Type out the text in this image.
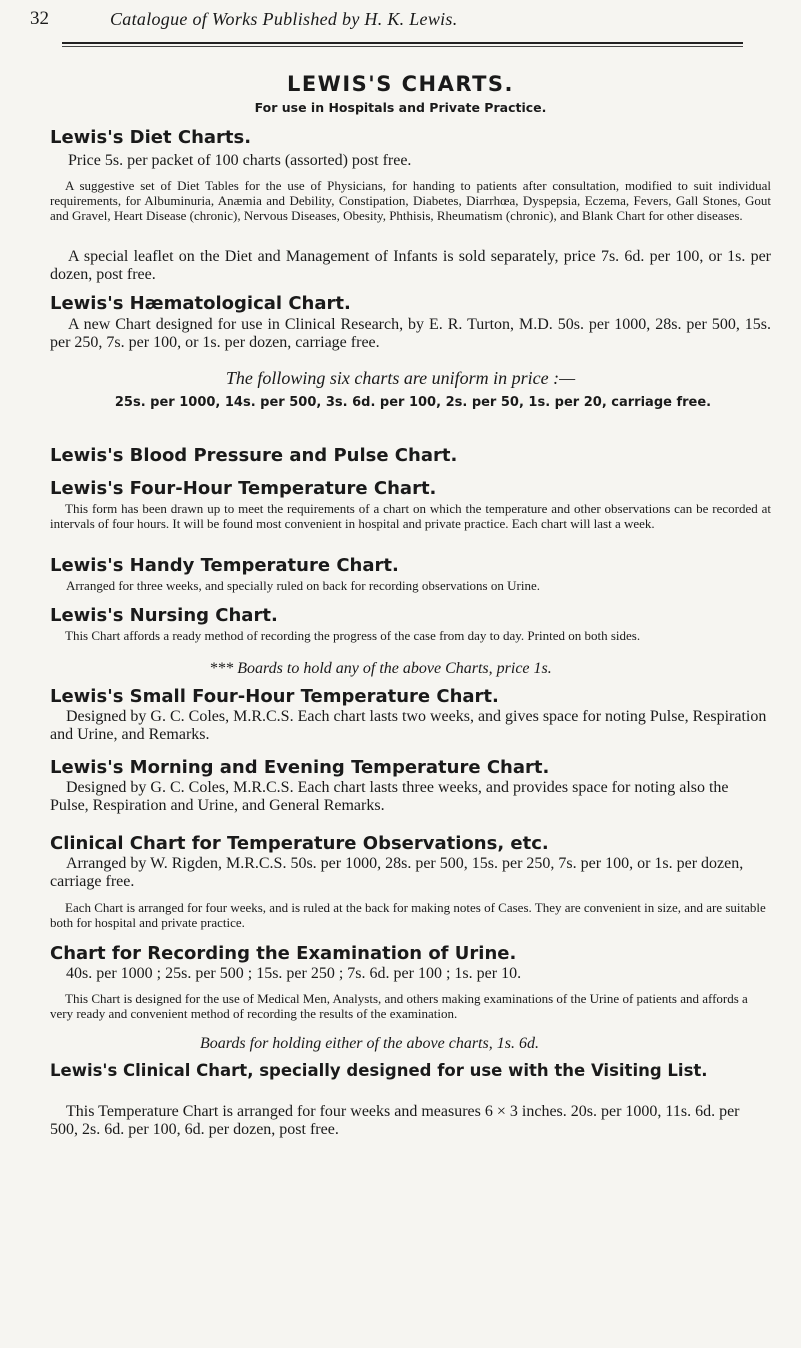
32	Catalogue of Works Published by H. K. Lewis.
LEWIS'S CHARTS.
For use in Hospitals and Private Practice.
Lewis's Diet Charts.
Price 5s. per packet of 100 charts (assorted) post free.
A suggestive set of Diet Tables for the use of Physicians, for handing to patients after consultation, modified to suit individual requirements, for Albuminuria, Anæmia and Debility, Constipation, Diabetes, Diarrhœa, Dyspepsia, Eczema, Fevers, Gall Stones, Gout and Gravel, Heart Disease (chronic), Nervous Diseases, Obesity, Phthisis, Rheumatism (chronic), and Blank Chart for other diseases.
A special leaflet on the Diet and Management of Infants is sold separately, price 7s. 6d. per 100, or 1s. per dozen, post free.
Lewis's Hæmatological Chart.
A new Chart designed for use in Clinical Research, by E. R. Turton, M.D. 50s. per 1000, 28s. per 500, 15s. per 250, 7s. per 100, or 1s. per dozen, carriage free.
The following six charts are uniform in price :—
25s. per 1000, 14s. per 500, 3s. 6d. per 100, 2s. per 50, 1s. per 20, carriage free.
Lewis's Blood Pressure and Pulse Chart.
Lewis's Four-Hour Temperature Chart.
This form has been drawn up to meet the requirements of a chart on which the temperature and other observations can be recorded at intervals of four hours. It will be found most convenient in hospital and private practice. Each chart will last a week.
Lewis's Handy Temperature Chart.
Arranged for three weeks, and specially ruled on back for recording observations on Urine.
Lewis's Nursing Chart.
This Chart affords a ready method of recording the progress of the case from day to day. Printed on both sides.
*** Boards to hold any of the above Charts, price 1s.
Lewis's Small Four-Hour Temperature Chart.
Designed by G. C. Coles, M.R.C.S. Each chart lasts two weeks, and gives space for noting Pulse, Respiration and Urine, and Remarks.
Lewis's Morning and Evening Temperature Chart.
Designed by G. C. Coles, M.R.C.S. Each chart lasts three weeks, and provides space for noting also the Pulse, Respiration and Urine, and General Remarks.
Clinical Chart for Temperature Observations, etc.
Arranged by W. Rigden, M.R.C.S. 50s. per 1000, 28s. per 500, 15s. per 250, 7s. per 100, or 1s. per dozen, carriage free.
Each Chart is arranged for four weeks, and is ruled at the back for making notes of Cases. They are convenient in size, and are suitable both for hospital and private practice.
Chart for Recording the Examination of Urine.
40s. per 1000 ; 25s. per 500 ; 15s. per 250 ; 7s. 6d. per 100 ; 1s. per 10.
This Chart is designed for the use of Medical Men, Analysts, and others making examinations of the Urine of patients and affords a very ready and convenient method of recording the results of the examination.
Boards for holding either of the above charts, 1s. 6d.
Lewis's Clinical Chart, specially designed for use with the Visiting List.
This Temperature Chart is arranged for four weeks and measures 6 × 3 inches. 20s. per 1000, 11s. 6d. per 500, 2s. 6d. per 100, 6d. per dozen, post free.
